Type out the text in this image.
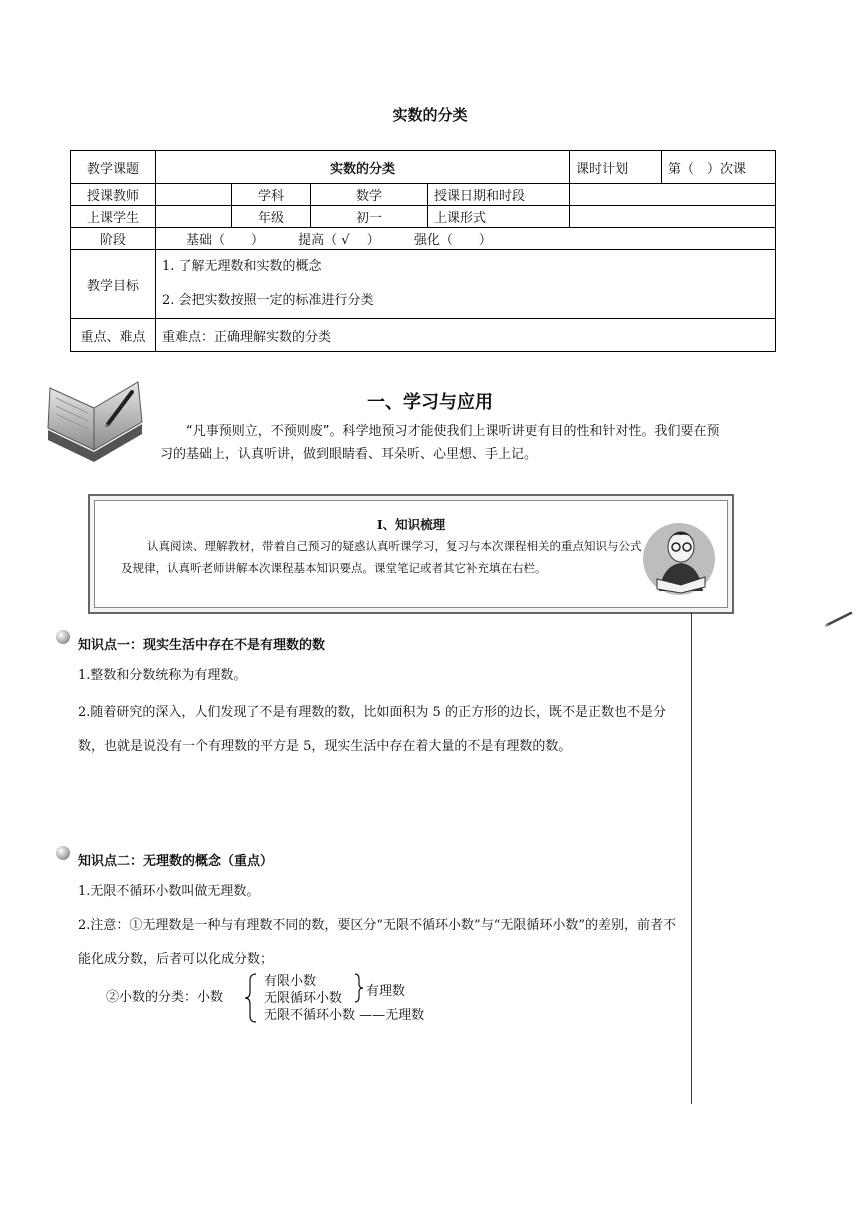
实数的分类
教学课题	实数的分类				课时计划	第（　）次课
授课教师		学科	数学	授课日期和时段		
上课学生		年级	初一	上课形式		
阶段	基础（　　） 提高（ √　 ） 强化（　　）					
教学目标	1. 了解无理数和实数的概念
2. 会把实数按照一定的标准进行分类					

重点、难点	重难点：正确理解实数的分类					
一、学习与应用
“凡事预则立，不预则废”。科学地预习才能使我们上课听讲更有目的性和针对性。我们要在预习的基础上，认真听讲，做到眼睛看、耳朵听、心里想、手上记。
Ⅰ、知识梳理
认真阅读、理解教材，带着自己预习的疑惑认真听课学习，复习与本次课程相关的重点知识与公式及规律，认真听老师讲解本次课程基本知识要点。课堂笔记或者其它补充填在右栏。
知识点一：现实生活中存在不是有理数的数
1.整数和分数统称为有理数。
2.随着研究的深入，人们发现了不是有理数的数，比如面积为 5 的正方形的边长，既不是正数也不是分数，也就是说没有一个有理数的平方是 5，现实生活中存在着大量的不是有理数的数。
知识点二：无理数的概念（重点）
1.无限不循环小数叫做无理数。
2.注意：①无理数是一种与有理数不同的数，要区分“无限不循环小数”与“无限循环小数”的差别，前者不能化成分数，后者可以化成分数；
②小数的分类：小数
有限小数
无限循环小数
无限不循环小数 ——无理数
有理数
